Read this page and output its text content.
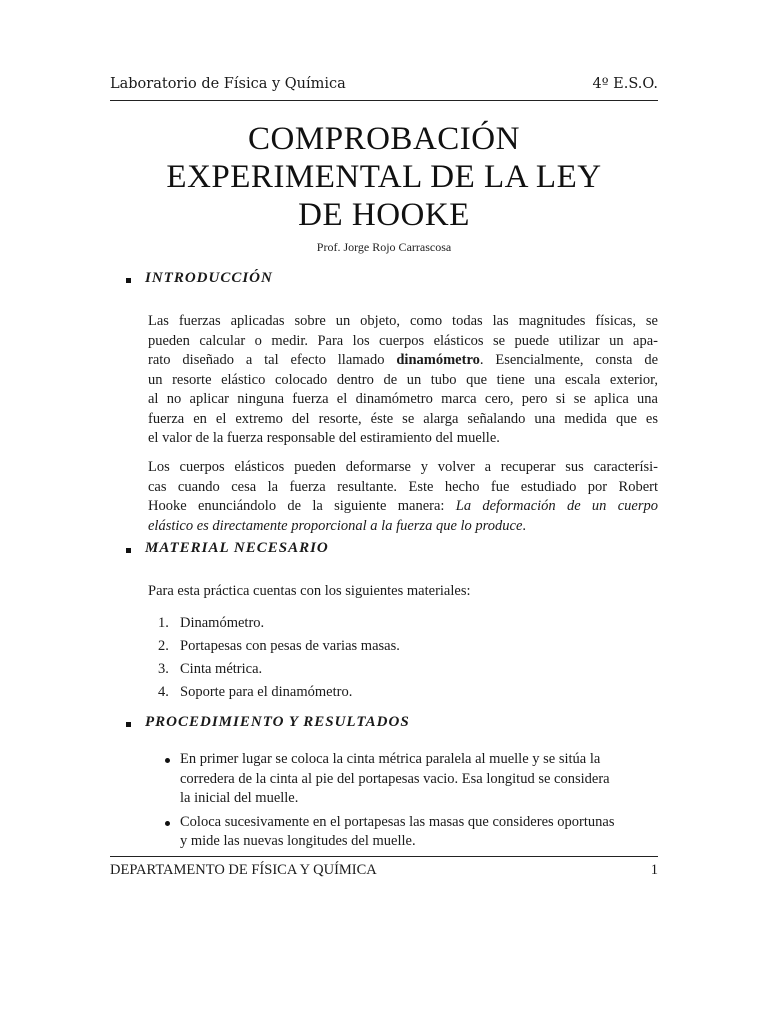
Laboratorio de Física y Química	4º E.S.O.
COMPROBACIÓN
EXPERIMENTAL DE LA LEY
DE HOOKE
Prof. Jorge Rojo Carrascosa
INTRODUCCIÓN
Las fuerzas aplicadas sobre un objeto, como todas las magnitudes físicas, se
pueden calcular o medir. Para los cuerpos elásticos se puede utilizar un apa-
rato diseñado a tal efecto llamado dinamómetro. Esencialmente, consta de
un resorte elástico colocado dentro de un tubo que tiene una escala exterior,
al no aplicar ninguna fuerza el dinamómetro marca cero, pero si se aplica una
fuerza en el extremo del resorte, éste se alarga señalando una medida que es
el valor de la fuerza responsable del estiramiento del muelle.
Los cuerpos elásticos pueden deformarse y volver a recuperar sus caracterísi-
cas cuando cesa la fuerza resultante. Este hecho fue estudiado por Robert
Hooke enunciándolo de la siguiente manera: La deformación de un cuerpo
elástico es directamente proporcional a la fuerza que lo produce.
MATERIAL NECESARIO
Para esta práctica cuentas con los siguientes materiales:
1. Dinamómetro.
2. Portapesas con pesas de varias masas.
3. Cinta métrica.
4. Soporte para el dinamómetro.
PROCEDIMIENTO Y RESULTADOS
En primer lugar se coloca la cinta métrica paralela al muelle y se sitúa la
corredera de la cinta al pie del portapesas vacio. Esa longitud se considera
la inicial del muelle.
Coloca sucesivamente en el portapesas las masas que consideres oportunas
y mide las nuevas longitudes del muelle.
DEPARTAMENTO DE FÍSICA Y QUÍMICA	1
